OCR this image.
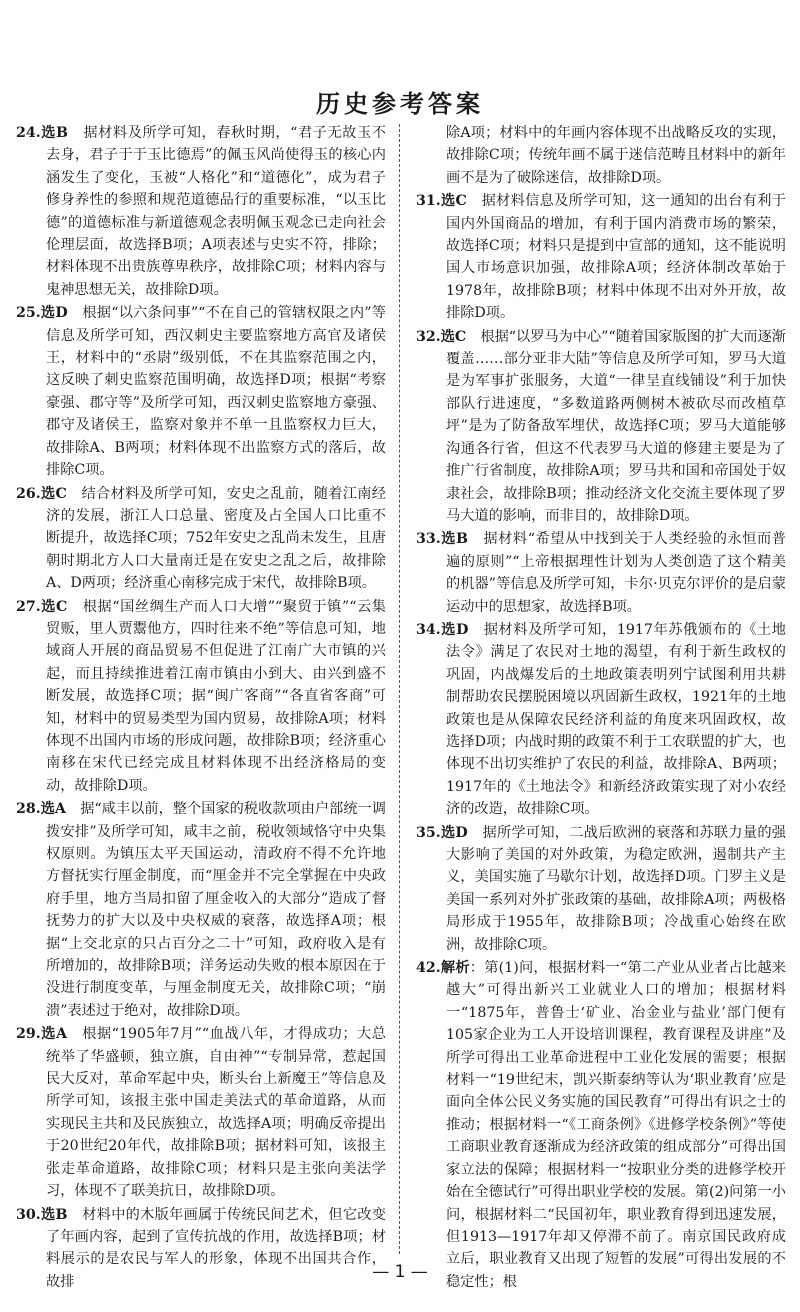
历史参考答案

24.选B　 据材料及所学可知，春秋时期，“君子无故玉不去身，君子于于玉比德焉”的佩玉风尚使得玉的核心内涵发生了变化，玉被“人格化”和“道德化”，成为君子修身养性的参照和规范道德品行的重要标准，“以玉比德”的道德标准与新道德观念表明佩玉观念已走向社会伦理层面，故选择B项；A项表述与史实不符，排除；材料体现不出贵族尊卑秩序，故排除C项；材料内容与鬼神思想无关，故排除D项。

25.选D　 根据“以六条问事”“不在自己的管辖权限之内”等信息及所学可知，西汉刺史主要监察地方高官及诸侯王，材料中的“丞尉”级别低，不在其监察范围之内，这反映了刺史监察范围明确，故选择D项；根据“考察豪强、郡守等”及所学可知，西汉刺史监察地方豪强、郡守及诸侯王，监察对象并不单一且监察权力巨大，故排除A、B两项；材料体现不出监察方式的落后，故排除C项。

26.选C　 结合材料及所学可知，安史之乱前，随着江南经济的发展，浙江人口总量、密度及占全国人口比重不断提升，故选择C项；752年安史之乱尚未发生，且唐朝时期北方人口大量南迁是在安史之乱之后，故排除A、D两项；经济重心南移完成于宋代，故排除B项。

27.选C　 根据“国丝绸生产而人口大增”“聚贸于镇”“云集贸贩，里人贾鬻他方，四时往来不绝”等信息可知，地域商人开展的商品贸易不但促进了江南广大市镇的兴起，而且持续推进着江南市镇由小到大、由兴到盛不断发展，故选择C项；据“闽广客商”“各直省客商”可知，材料中的贸易类型为国内贸易，故排除A项；材料体现不出国内市场的形成问题，故排除B项；经济重心南移在宋代已经完成且材料体现不出经济格局的变动，故排除D项。

28.选A　 据“咸丰以前，整个国家的税收款项由户部统一调拨安排”及所学可知，咸丰之前，税收领域恪守中央集权原则。为镇压太平天国运动，清政府不得不允许地方督抚实行厘金制度，而“厘金并不完全掌握在中央政府手里，地方当局扣留了厘金收入的大部分”造成了督抚势力的扩大以及中央权威的衰落，故选择A项；根据“上交北京的只占百分之二十”可知，政府收入是有所增加的，故排除B项；洋务运动失败的根本原因在于没进行制度变革，与厘金制度无关，故排除C项；“崩溃”表述过于绝对，故排除D项。

29.选A　 根据“1905年7月”“血战八年，才得成功；大总统举了华盛顿，独立旗，自由神”“专制异常，惹起国民大反对，革命军起中央，断头台上新魔王”等信息及所学可知，该报主张中国走美法式的革命道路，从而实现民主共和及民族独立，故选择A项；明确反帝提出于20世纪20年代，故排除B项；据材料可知，该报主张走革命道路，故排除C项；材料只是主张向美法学习，体现不了联美抗日，故排除D项。

30.选B　 材料中的木版年画属于传统民间艺术，但它改变了年画内容，起到了宣传抗战的作用，故选择B项；材料展示的是农民与军人的形象，体现不出国共合作，故排

除A项；材料中的年画内容体现不出战略反攻的实现，故排除C项；传统年画不属于迷信范畴且材料中的新年画不是为了破除迷信，故排除D项。

31.选C　 据材料信息及所学可知，这一通知的出台有利于国内外国商品的增加，有利于国内消费市场的繁荣，故选择C项；材料只是提到中宣部的通知，这不能说明国人市场意识加强，故排除A项；经济体制改革始于1978年，故排除B项；材料中体现不出对外开放，故排除D项。

32.选C　 根据“以罗马为中心”“随着国家版图的扩大而逐渐覆盖……部分亚非大陆”等信息及所学可知，罗马大道是为军事扩张服务，大道“一律呈直线铺设”利于加快部队行进速度，“多数道路两侧树木被砍尽而改植草坪”是为了防备敌军埋伏，故选择C项；罗马大道能够沟通各行省，但这不代表罗马大道的修建主要是为了推广行省制度，故排除A项；罗马共和国和帝国处于奴隶社会，故排除B项；推动经济文化交流主要体现了罗马大道的影响，而非目的，故排除D项。

33.选B　 据材料“希望从中找到关于人类经验的永恒而普遍的原则”“上帝根据理性计划为人类创造了这个精美的机器”等信息及所学可知，卡尔·贝克尔评价的是启蒙运动中的思想家，故选择B项。

34.选D　 据材料及所学可知，1917年苏俄颁布的《土地法令》满足了农民对土地的渴望，有利于新生政权的巩固，内战爆发后的土地政策表明列宁试图利用共耕制帮助农民摆脱困境以巩固新生政权，1921年的土地政策也是从保障农民经济利益的角度来巩固政权，故选择D项；内战时期的政策不利于工农联盟的扩大，也体现不出切实维护了农民的利益，故排除A、B两项；1917年的《土地法令》和新经济政策实现了对小农经济的改造，故排除C项。

35.选D　 据所学可知，二战后欧洲的衰落和苏联力量的强大影响了美国的对外政策，为稳定欧洲，遏制共产主义，美国实施了马歇尔计划，故选择D项。门罗主义是美国一系列对外扩张政策的基础，故排除A项；两极格局形成于1955年，故排除B项；冷战重心始终在欧洲，故排除C项。

42.解析：第(1)问，根据材料一“第二产业从业者占比越来越大”可得出新兴工业就业人口的增加；根据材料一“1875年，普鲁士‘矿业、冶金业与盐业’部门便有105家企业为工人开设培训课程，教育课程及讲座”及所学可得出工业革命进程中工业化发展的需要；根据材料一“19世纪末，凯兴斯泰纳等认为‘职业教育’应是面向全体公民义务实施的国民教育”可得出有识之士的推动；根据材料一“《工商条例》《进修学校条例》”等使工商职业教育逐渐成为经济政策的组成部分”可得出国家立法的保障；根据材料一“按职业分类的进修学校开始在全德试行”可得出职业学校的发展。第(2)问第一小问，根据材料二“民国初年，职业教育得到迅速发展，但1913—1917年却又停滞不前了。南京国民政府成立后，职业教育又出现了短暂的发展”可得出发展的不稳定性；根

— 1 —
